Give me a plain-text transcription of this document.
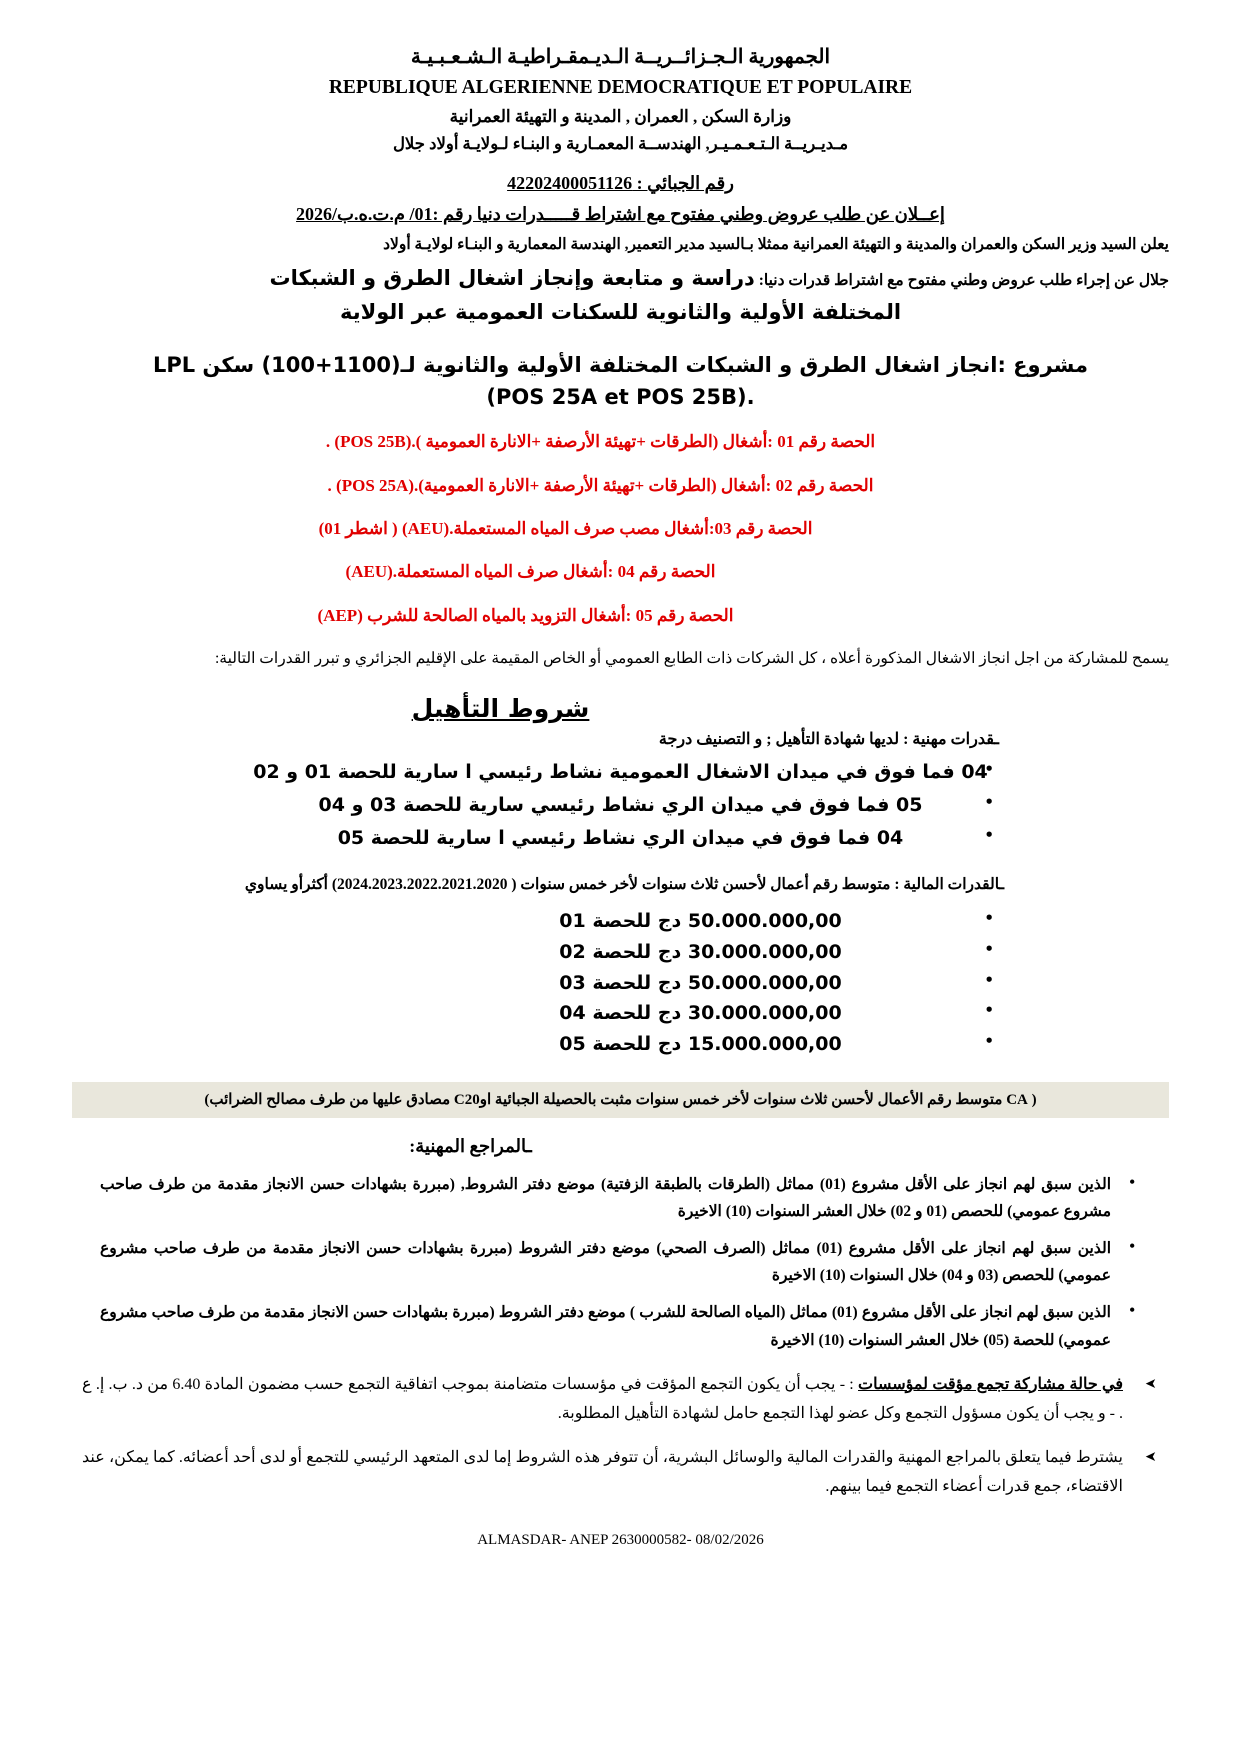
الجمهورية الـجـزائــريــة الـديـمقـراطيـة الـشـعـبـيـة
REPUBLIQUE ALGERIENNE DEMOCRATIQUE ET POPULAIRE
وزارة السكن , العمران , المدينة و التهيئة العمرانية
مـديـريــة الـتـعـمـيـر, الهندســة المعمـارية و البنـاء لـولايـة أولاد جلال
رقم الجبائي : 42202400051126
إعــلان عن طلب عروض وطني مفتوح مع اشتراط قـــــدرات دنيا رقم :01/ م.ت.ه.ب/2026
يعلن السيد وزير السكن والعمران والمدينة و التهيئة العمرانية ممثلا بـالسيد مدير التعمير, الهندسة المعمارية و البنـاء لولايـة أولاد
جلال عن إجراء طلب عروض وطني مفتوح مع اشتراط قدرات دنيا: دراسة و متابعة وإنجاز اشغال الطرق و الشبكات
المختلفة الأولية والثانوية للسكنات العمومية عبر الولاية
مشروع :انجاز اشغال الطرق و الشبكات المختلفة الأولية والثانوية لـ(1100+100) سكن LPL
(POS 25A et POS 25B).
الحصة رقم 01 :أشغال (الطرقات +تهيئة الأرصفة +الانارة العمومية ).(POS 25B) .
الحصة رقم 02 :أشغال (الطرقات +تهيئة الأرصفة +الانارة العمومية).(POS 25A) .
الحصة رقم 03:أشغال مصب صرف المياه المستعملة.(AEU) ( اشطر 01)
الحصة رقم 04 :أشغال صرف المياه المستعملة.(AEU)
الحصة رقم 05 :أشغال التزويد بالمياه الصالحة للشرب (AEP)
يسمح للمشاركة من اجل انجاز الاشغال المذكورة أعلاه ، كل الشركات ذات الطابع العمومي أو الخاص المقيمة على الإقليم الجزائري و تبرر القدرات التالية:
شروط التأهيل
ـقدرات مهنية : لديها شهادة التأهيل ; و التصنيف درجة
• 04 فما فوق في ميدان الاشغال العمومية نشاط رئيسي ا سارية للحصة 01 و 02
• 05 فما فوق في ميدان الري نشاط رئيسي سارية للحصة 03 و 04
• 04 فما فوق في ميدان الري نشاط رئيسي ا سارية للحصة 05
ـالقدرات المالية : متوسط رقم أعمال لأحسن ثلاث سنوات لأخر خمس سنوات ( 2024.2023.2022.2021.2020) أكثرأو يساوي
• 50.000.000,00 دج للحصة 01
• 30.000.000,00 دج للحصة 02
• 50.000.000,00 دج للحصة 03
• 30.000.000,00 دج للحصة 04
• 15.000.000,00 دج للحصة 05
( CA متوسط رقم الأعمال لأحسن ثلاث سنوات لأخر خمس سنوات مثبت بالحصيلة الجبائية اوC20 مصادق عليها من طرف مصالح الضرائب)
ـالمراجع المهنية:
• الذين سبق لهم انجاز على الأقل مشروع (01) مماثل (الطرقات بالطبقة الزفتية) موضع دفتر الشروط, (مبررة بشهادات حسن الانجاز مقدمة من طرف صاحب مشروع عمومي) للحصص (01 و 02) خلال العشر السنوات (10) الاخيرة
• الذين سبق لهم انجاز على الأقل مشروع (01) مماثل (الصرف الصحي) موضع دفتر الشروط (مبررة بشهادات حسن الانجاز مقدمة من طرف صاحب مشروع عمومي) للحصص (03 و 04) خلال السنوات (10) الاخيرة
• الذين سبق لهم انجاز على الأقل مشروع (01) مماثل (المياه الصالحة للشرب ) موضع دفتر الشروط (مبررة بشهادات حسن الانجاز مقدمة من طرف صاحب مشروع عمومي) للحصة (05) خلال العشر السنوات (10) الاخيرة
➤ في حالة مشاركة تجمع مؤقت لمؤسسات : - يجب أن يكون التجمع المؤقت في مؤسسات متضامنة بموجب اتفاقية التجمع حسب مضمون المادة 6.40 من د. ب. إ. ع . - و يجب أن يكون مسؤول التجمع وكل عضو لهذا التجمع حامل لشهادة التأهيل المطلوبة.
➤ يشترط فيما يتعلق بالمراجع المهنية والقدرات المالية والوسائل البشرية، أن تتوفر هذه الشروط إما لدى المتعهد الرئيسي للتجمع أو لدى أحد أعضائه. كما يمكن، عند الاقتضاء، جمع قدرات أعضاء التجمع فيما بينهم.
ALMASDAR- ANEP 2630000582- 08/02/2026
